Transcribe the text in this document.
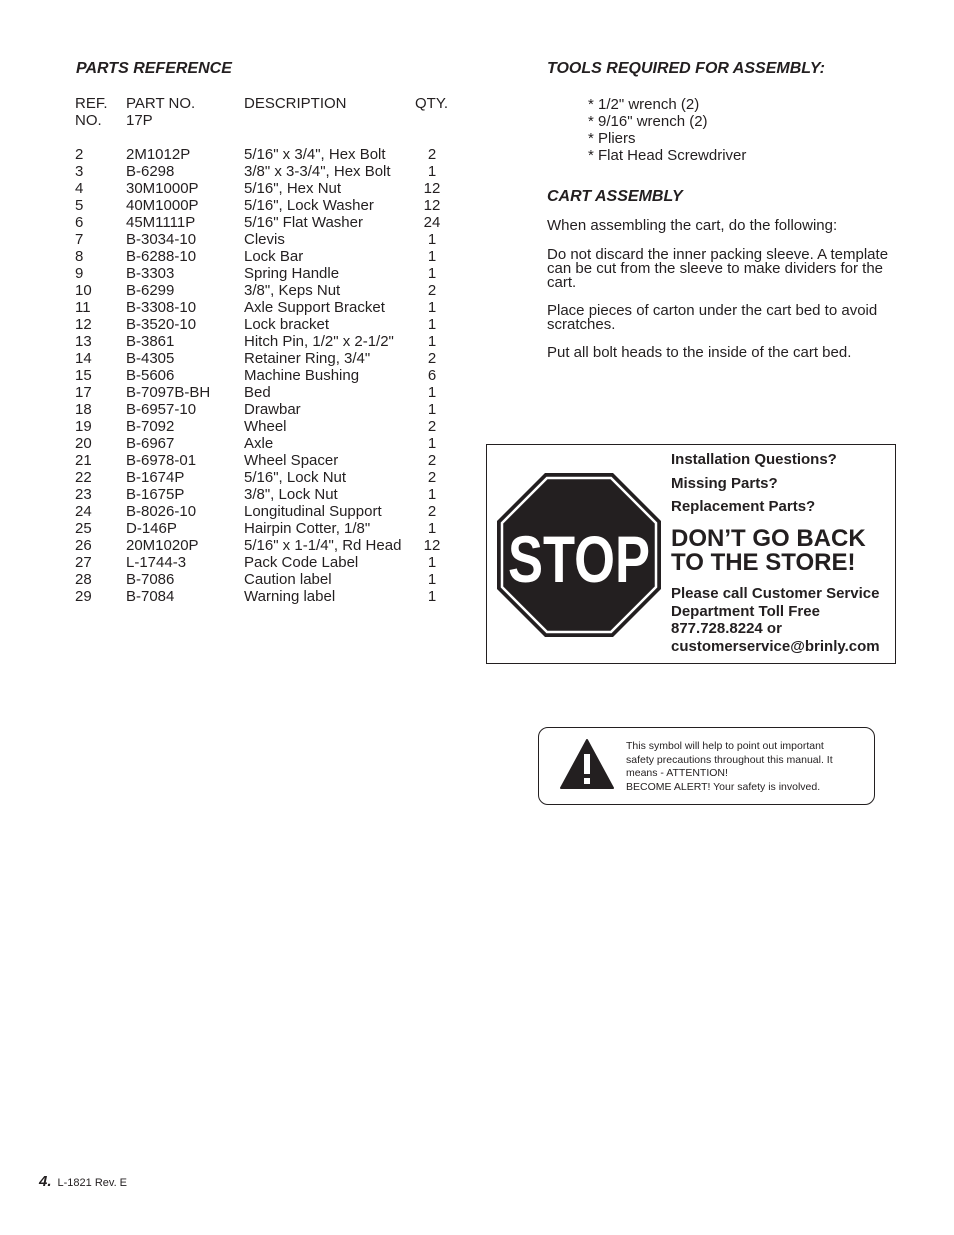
PARTS REFERENCE
REF. PART NO.	DESCRIPTION	QTY.
NO. 17P
2	2M1012P	5/16" x 3/4", Hex Bolt	2
3	B-6298	3/8" x 3-3/4", Hex Bolt	1
4	30M1000P	5/16", Hex Nut	12
5	40M1000P	5/16", Lock Washer	12
6	45M1111P	5/16" Flat Washer	24
7	B-3034-10	Clevis	1
8	B-6288-10	Lock Bar	1
9	B-3303	Spring Handle	1
10 B-6299	3/8", Keps Nut	2
11 B-3308-10	Axle Support Bracket	1
12 B-3520-10	Lock bracket	1
13 B-3861	Hitch Pin, 1/2" x 2-1/2"	1
14 B-4305	Retainer Ring, 3/4"	2
15 B-5606	Machine Bushing	6
17 B-7097B-BH Bed	1
18 B-6957-10	Drawbar	1
19 B-7092	Wheel	2
20 B-6967	Axle	1
21 B-6978-01	Wheel Spacer	2
22 B-1674P	5/16", Lock Nut	2
23 B-1675P	3/8", Lock Nut	1
24 B-8026-10	Longitudinal Support	2
25 D-146P	Hairpin Cotter, 1/8"	1
26 20M1020P	5/16" x 1-1/4", Rd Head	12
27 L-1744-3	Pack Code Label	1
28 B-7086	Caution label	1
29 B-7084	Warning label	1
TOOLS REQUIRED FOR ASSEMBLY:
* 1/2" wrench (2)
* 9/16" wrench (2)
* Pliers
* Flat Head Screwdriver
CART ASSEMBLY

When assembling the cart, do the following:

Do not discard the inner packing sleeve. A template can be cut from the sleeve to make dividers for the cart.

Place pieces of carton under the cart bed to avoid scratches.

Put all bolt heads to the inside of the cart bed.

STOP

Installation Questions?

Missing Parts?

Replacement Parts?

DON’T GO BACK
TO THE STORE!

Please call Customer Service
Department Toll Free
877.728.8224 or
customerservice@brinly.com

This symbol will help to point out important
safety precautions throughout this manual. It
means - ATTENTION!
BECOME ALERT! Your safety is involved.

4. L-1821 Rev. E
